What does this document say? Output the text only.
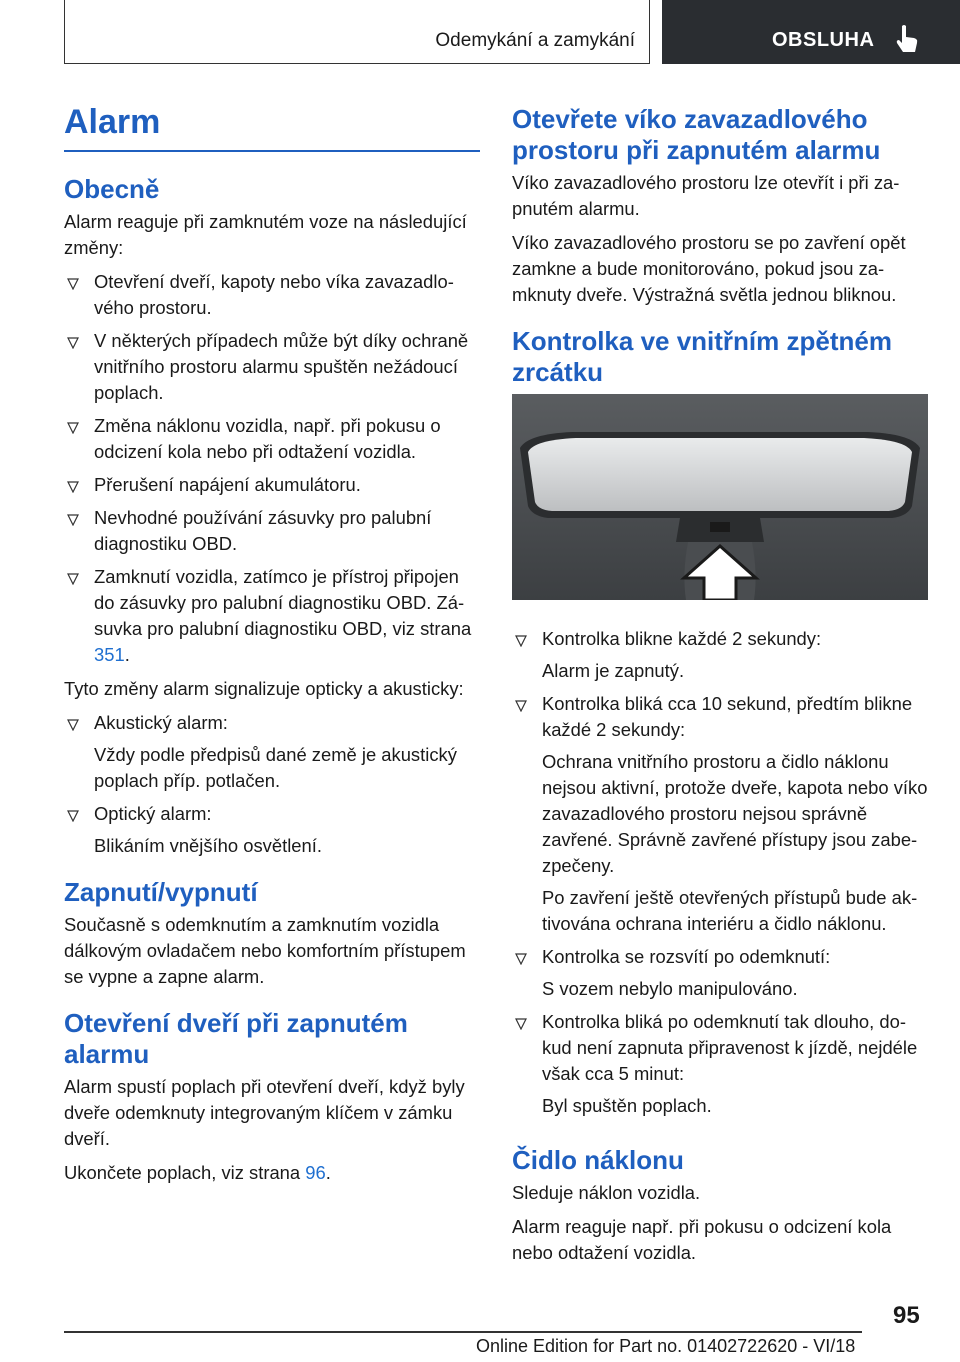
Odemykání a zamykání	OBSLUHA
Alarm
Obecně

Alarm reaguje při zamknutém voze na následující změny:

Otevření dveří, kapoty nebo víka zavazadlového prostoru.
V některých případech může být díky ochraně vnitřního prostoru alarmu spuštěn nežádoucí poplach.
Změna náklonu vozidla, např. při pokusu o odcizení kola nebo při odtažení vozidla.
Přerušení napájení akumulátoru.
Nevhodné používání zásuvky pro palubní diagnostiku OBD.
Zamknutí vozidla, zatímco je přístroj připojen do zásuvky pro palubní diagnostiku OBD. Zásuvka pro palubní diagnostiku OBD, viz strana 351.

Tyto změny alarm signalizuje opticky a akusticky:

Akustický alarm:

Vždy podle předpisů dané země je akustický poplach příp. potlačen.

Optický alarm:

Blikáním vnějšího osvětlení.

Zapnutí/vypnutí

Současně s odemknutím a zamknutím vozidla dálkovým ovladačem nebo komfortním přístupem se vypne a zapne alarm.

Otevření dveří při zapnutém alarmu

Alarm spustí poplach při otevření dveří, když byly dveře odemknuty integrovaným klíčem v zámku dveří.

Ukončete poplach, viz strana 96.

Otevřete víko zavazadlového prostoru při zapnutém alarmu

Víko zavazadlového prostoru lze otevřít i při zapnutém alarmu.

Víko zavazadlového prostoru se po zavření opět zamkne a bude monitorováno, pokud jsou zamknuty dveře. Výstražná světla jednou bliknou.

Kontrolka ve vnitřním zpětném zrcátku
Kontrolka blikne každé 2 sekundy:

Alarm je zapnutý.

Kontrolka bliká cca 10 sekund, předtím blikne každé 2 sekundy:

Ochrana vnitřního prostoru a čidlo náklonu nejsou aktivní, protože dveře, kapota nebo víko zavazadlového prostoru nejsou správně zavřené. Správně zavřené přístupy jsou zabezpečeny.

Po zavření ještě otevřených přístupů bude aktivována ochrana interiéru a čidlo náklonu.

Kontrolka se rozsvítí po odemknutí:

S vozem nebylo manipulováno.

Kontrolka bliká po odemknutí tak dlouho, dokud není zapnuta připravenost k jízdě, nejdéle však cca 5 minut:

Byl spuštěn poplach.

Čidlo náklonu

Sleduje náklon vozidla.

Alarm reaguje např. při pokusu o odcizení kola nebo odtažení vozidla.

95
Online Edition for Part no. 01402722620 - VI/18
